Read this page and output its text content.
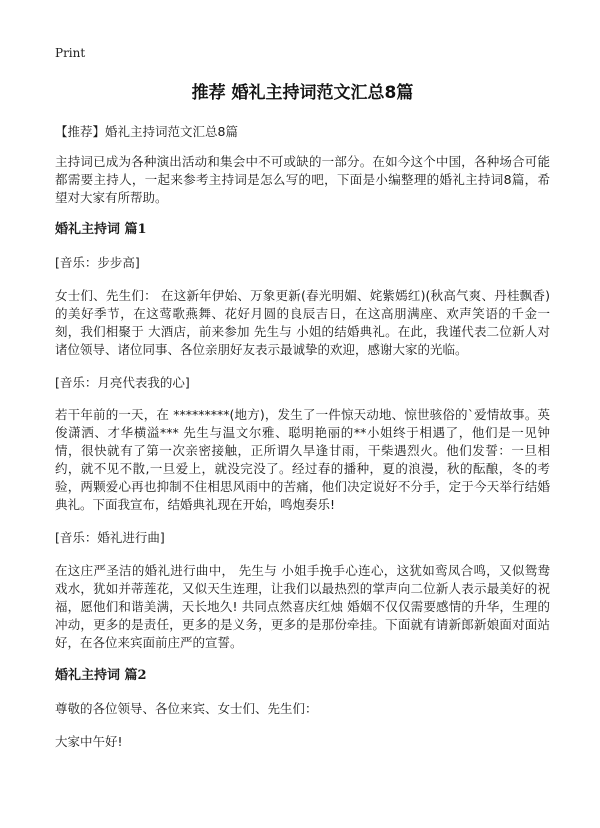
Print
推荐 婚礼主持词范文汇总8篇

【推荐】婚礼主持词范文汇总8篇

主持词已成为各种演出活动和集会中不可或缺的一部分。在如今这个中国，各种场合可能都需要主持人，一起来参考主持词是怎么写的吧，下面是小编整理的婚礼主持词8篇，希望对大家有所帮助。

婚礼主持词 篇1

[音乐：步步高]

女士们、先生们： 在这新年伊始、万象更新(春光明媚、姹紫嫣红)(秋高气爽、丹桂飘香)的美好季节，在这莺歌燕舞、花好月圆的良辰吉日，在这高朋满座、欢声笑语的千金一刻，我们相聚于 大酒店，前来参加 先生与 小姐的结婚典礼。在此，我谨代表二位新人对诸位领导、诸位同事、各位亲朋好友表示最诚挚的欢迎，感谢大家的光临。

[音乐：月亮代表我的心]

若干年前的一天，在 *********(地方)，发生了一件惊天动地、惊世骇俗的`爱情故事。英俊潇洒、才华横溢*** 先生与温文尔雅、聪明艳丽的**小姐终于相遇了，他们是一见钟情，很快就有了第一次亲密接触，正所谓久旱逢甘雨，干柴遇烈火。他们发誓：一旦相约，就不见不散,一旦爱上，就没完没了。经过春的播种，夏的浪漫，秋的酝酿，冬的考验，两颗爱心再也抑制不住相思风雨中的苦痛，他们决定说好不分手，定于今天举行结婚典礼。下面我宣布，结婚典礼现在开始，鸣炮奏乐!

[音乐：婚礼进行曲]

在这庄严圣洁的婚礼进行曲中， 先生与 小姐手挽手心连心，这犹如鸾凤合鸣，又似鸳鸯戏水，犹如并蒂莲花，又似天生连理，让我们以最热烈的掌声向二位新人表示最美好的祝福，愿他们和谐美满，天长地久! 共同点然喜庆红烛 婚姻不仅仅需要感情的升华，生理的冲动，更多的是责任，更多的是义务，更多的是那份牵挂。下面就有请新郎新娘面对面站好，在各位来宾面前庄严的宣誓。

婚礼主持词 篇2

尊敬的各位领导、各位来宾、女士们、先生们：

大家中午好!
